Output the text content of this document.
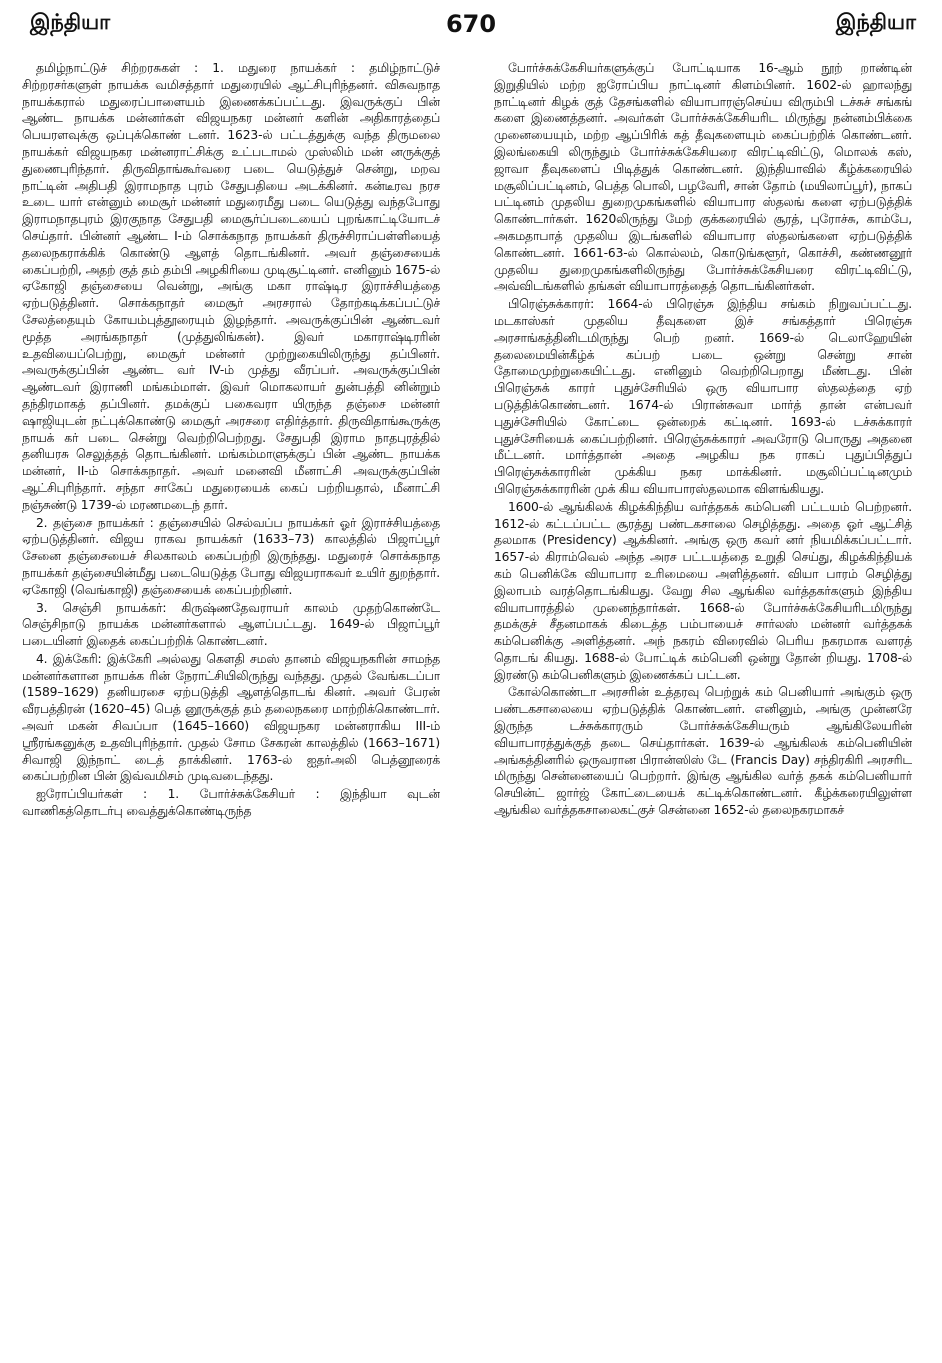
இந்தியா	670	இந்தியா

தமிழ்நாட்டுச் சிற்றரசுகள் : 1. மதுரை நாயக்கர் : தமிழ்நாட்டுச் சிற்றரசர்களுள் நாயக்க வமிசத்தார் மதுரையில் ஆட்சிபுரிந்தனர். விசுவநாத நாயக்கரால் மதுரைப்பாளையம் இணைக்கப்பட்டது. இவருக்குப் பின் ஆண்ட நாயக்க மன்னர்கள் விஜயநகர மன்னர் களின் அதிகாரத்தைப் பெயரளவுக்கு ஒப்புக்கொண் டனர். 1623-ல் பட்டத்துக்கு வந்த திருமலை நாயக்கர் விஜயநகர மன்னராட்சிக்கு உட்படாமல் முஸ்லிம் மன் னருக்குத் துணைபுரிந்தார். திருவிதாங்கூர்வரை படை யெடுத்துச் சென்று, மறவ நாட்டின் அதிபதி இராமநாத புரம் சேதுபதியை அடக்கினர். கன்டீரவ நரச உடை யார் என்னும் மைசூர் மன்னர் மதுரைமீது படை யெடுத்து வந்தபோது இராமநாதபுரம் இரகுநாத சேதுபதி மைசூர்ப்படையைப் புறங்காட்டியோடச் செய்தார். பின்னர் ஆண்ட I-ம் சொக்கநாத நாயக்கர் திருச்சிராப்பள்ளியைத் தலைநகராக்கிக் கொண்டு ஆளத் தொடங்கினர். அவர் தஞ்சையைக் கைப்பற்றி, அதற் குத் தம் தம்பி அழகிரியை முடிசூட்டினர். எனினும் 1675-ல் ஏகோஜி தஞ்சையை வென்று, அங்கு மகா ராஷ்டிர இராச்சியத்தை ஏற்படுத்தினர். சொக்கநாதர் மைசூர் அரசரால் தோற்கடிக்கப்பட்டுச் சேலத்தையும் கோயம்புத்தூரையும் இழந்தார். அவருக்குப்பின் ஆண்டவர் மூத்த அரங்கநாதர் (முத்துலிங்கன்). இவர் மகாராஷ்டிரரின் உதவியைப்பெற்று, மைசூர் மன்னர் முற்றுகையிலிருந்து தப்பினர். அவருக்குப்பின் ஆண்ட வர் IV-ம் முத்து வீரப்பர். அவருக்குப்பின் ஆண்டவர் இராணி மங்கம்மாள். இவர் மொகலாயர் துன்பத்தி னின்றும் தந்திரமாகத் தப்பினர். தமக்குப் பகைவரா யிருந்த தஞ்சை மன்னர் ஷாஜியுடன் நட்புக்கொண்டு மைசூர் அரசரை எதிர்த்தார். திருவிதாங்கூருக்கு நாயக் கர் படை சென்று வெற்றிபெற்றது. சேதுபதி இராம நாதபுரத்தில் தனியரசு செலுத்தத் தொடங்கினர். மங்கம்மாளுக்குப் பின் ஆண்ட நாயக்க மன்னர், II-ம் சொக்கநாதர். அவர் மனைவி மீனாட்சி அவருக்குப்பின் ஆட்சிபுரிந்தார். சந்தா சாகேப் மதுரையைக் கைப் பற்றியதால், மீனாட்சி நஞ்சுண்டு 1739-ல் மரணமடைந் தார்.

2. தஞ்சை நாயக்கர் : தஞ்சையில் செல்வப்ப நாயக்கர் ஓர் இராச்சியத்தை ஏற்படுத்தினர். விஜய ராகவ நாயக்கர் (1633–73) காலத்தில் பிஜாப்பூர் சேனை தஞ்சையைச் சிலகாலம் கைப்பற்றி இருந்தது. மதுரைச் சொக்கநாத நாயக்கர் தஞ்சையின்மீது படையெடுத்த போது விஜயராகவர் உயிர் துறந்தார். ஏகோஜி (வெங்காஜி) தஞ்சையைக் கைப்பற்றினர்.

3. செஞ்சி நாயக்கர்: கிருஷ்ணதேவராயர் காலம் முதற்கொண்டே செஞ்சிநாடு நாயக்க மன்னர்களால் ஆளப்பட்டது. 1649-ல் பிஜாப்பூர் படையினர் இதைக் கைப்பற்றிக் கொண்டனர்.

4. இக்கேரி: இக்கேரி அல்லது கெளதி சமஸ் தானம் விஜயநகரின் சாமந்த மன்னர்களான நாயக்க ரின் நேராட்சியிலிருந்து வந்தது. முதல் வேங்கடப்பா (1589–1629) தனியரசை ஏற்படுத்தி ஆளத்தொடங் கினர். அவர் பேரன் வீரபத்திரன் (1620–45) பெத் னூருக்குத் தம் தலைநகரை மாற்றிக்கொண்டார். அவர் மகன் சிவப்பா (1645–1660) விஜயநகர மன்னராகிய III-ம் ஸ்ரீரங்கனுக்கு உதவிபுரிந்தார். முதல் சோம சேகரன் காலத்தில் (1663–1671) சிவாஜி இந்நாட் டைத் தாக்கினர். 1763-ல் ஐதர்அலி பெத்னூரைக் கைப்பற்றின பின் இவ்வமிசம் முடிவடைந்தது.

ஐரோப்பியர்கள் : 1. போர்ச்சுக்கேசியர் : இந்தியா வுடன் வாணிகத்தொடர்பு வைத்துக்கொண்டிருந்த

போர்ச்சுக்கேசியர்களுக்குப் போட்டியாக 16-ஆம் நூற் றாண்டின் இறுதியில் மற்ற ஐரோப்பிய நாட்டினர் கிளம்பினர். 1602-ல் ஹாலந்து நாட்டினர் கிழக் குத் தேசங்களில் வியாபாரஞ்செய்ய விரும்பி டச்சுச் சங்கங் களை இணைத்தனர். அவர்கள் போர்ச்சுக்கேசியரிட மிருந்து நன்னம்பிக்கை முனையையும், மற்ற ஆப்பிரிக் கத் தீவுகளையும் கைப்பற்றிக் கொண்டனர். இலங்கையி லிருந்தும் போர்ச்சுக்கேசியரை விரட்டிவிட்டு, மொலக் கஸ், ஜாவா தீவுகளைப் பிடித்துக் கொண்டனர். இந்தியாவில் கீழ்க்கரையில் மசூலிப்பட்டினம், பெத்த பொலி, பழவேரி, சான் தோம் (மயிலாப்பூர்), நாகப் பட்டினம் முதலிய துறைமுகங்களில் வியாபார ஸ்தலங் களை ஏற்படுத்திக் கொண்டார்கள். 1620லிருந்து மேற் குக்கரையில் சூரத், புரோச்சு, காம்பே, அகமதாபாத் முதலிய இடங்களில் வியாபார ஸ்தலங்களை ஏற்படுத்திக் கொண்டனர். 1661-63-ல் கொல்லம், கொடுங்களூர், கொச்சி, கண்ணனூர் முதலிய துறைமுகங்களிலிருந்து போர்ச்சுக்கேசியரை விரட்டிவிட்டு, அவ்விடங்களில் தங்கள் வியாபாரத்தைத் தொடங்கினர்கள்.

பிரெஞ்சுக்காரர்: 1664-ல் பிரெஞ்சு இந்திய சங்கம் நிறுவப்பட்டது. மடகாஸ்கர் முதலிய தீவுகளை இச் சங்கத்தார் பிரெஞ்சு அரசாங்கத்தினிடமிருந்து பெற் றனர். 1669-ல் டெலாஹேயின் தலைமையின்கீழ்க் கப்பற் படை ஒன்று சென்று சான் தோமைமுற்றுகையிட்டது. எனினும் வெற்றிபெறாது மீண்டது. பின் பிரெஞ்சுக் காரர் புதுச்சேரியில் ஒரு வியாபார ஸ்தலத்தை ஏற் படுத்திக்கொண்டனர். 1674-ல் பிரான்சுவா மார்த் தான் என்பவர் புதுச்சேரியில் கோட்டை ஒன்றைக் கட்டினர். 1693-ல் டச்சுக்காரர் புதுச்சேரியைக் கைப்பற்றினர். பிரெஞ்சுக்காரர் அவரோடு பொருது அதனை மீட்டனர். மார்த்தான் அதை அழகிய நக ராகப் புதுப்பித்துப் பிரெஞ்சுக்காரரின் முக்கிய நகர மாக்கினர். மசூலிப்பட்டினமும் பிரெஞ்சுக்காரரின் முக் கிய வியாபாரஸ்தலமாக விளங்கியது.

1600-ல் ஆங்கிலக் கிழக்கிந்திய வர்த்தகக் கம்பெனி பட்டயம் பெற்றனர். 1612-ல் கட்டப்பட்ட சூரத்து பண்டகசாலை செழித்தது. அதை ஓர் ஆட்சித் தலமாக (Presidency) ஆக்கினர். அங்கு ஒரு கவர் னர் நியமிக்கப்பட்டார். 1657-ல் கிராம்வெல் அந்த அரச பட்டயத்தை உறுதி செய்து, கிழக்கிந்தியக் கம் பெனிக்கே வியாபார உரிமையை அளித்தனர். வியா பாரம் செழித்து இலாபம் வரத்தொடங்கியது. வேறு சில ஆங்கில வர்த்தகர்களும் இந்திய வியாபாரத்தில் முனைந்தார்கள். 1668-ல் போர்ச்சுக்கேசியரிடமிருந்து தமக்குச் சீதனமாகக் கிடைத்த பம்பாயைச் சார்லஸ் மன்னர் வர்த்தகக் கம்பெனிக்கு அளித்தனர். அந் நகரம் விரைவில் பெரிய நகரமாக வளரத் தொடங் கியது. 1688-ல் போட்டிக் கம்பெனி ஒன்று தோன் றியது. 1708-ல் இரண்டு கம்பெனிகளும் இணைக்கப் பட்டன.

கோல்கொண்டா அரசரின் உத்தரவு பெற்றுக் கம் பெனியார் அங்கும் ஒரு பண்டகசாலையை ஏற்படுத்திக் கொண்டனர். எனினும், அங்கு முன்னரே இருந்த டச்சுக்காரரும் போர்ச்சுக்கேசியரும் ஆங்கிலேயரின் வியாபாரத்துக்குத் தடை செய்தார்கள். 1639-ல் ஆங்கிலக் கம்பெனியின் அங்கத்தினரில் ஒருவரான பிரான்ஸிஸ் டே (Francis Day) சந்திரகிரி அரசரிட மிருந்து சென்னையைப் பெற்றார். இங்கு ஆங்கில வர்த் தகக் கம்பெனியார் செயின்ட் ஜார்ஜ் கோட்டையைக் கட்டிக்கொண்டனர். கீழ்க்கரையிலுள்ள ஆங்கில வர்த்தகசாலைகட்குச் சென்னை 1652-ல் தலைநகரமாகச்
